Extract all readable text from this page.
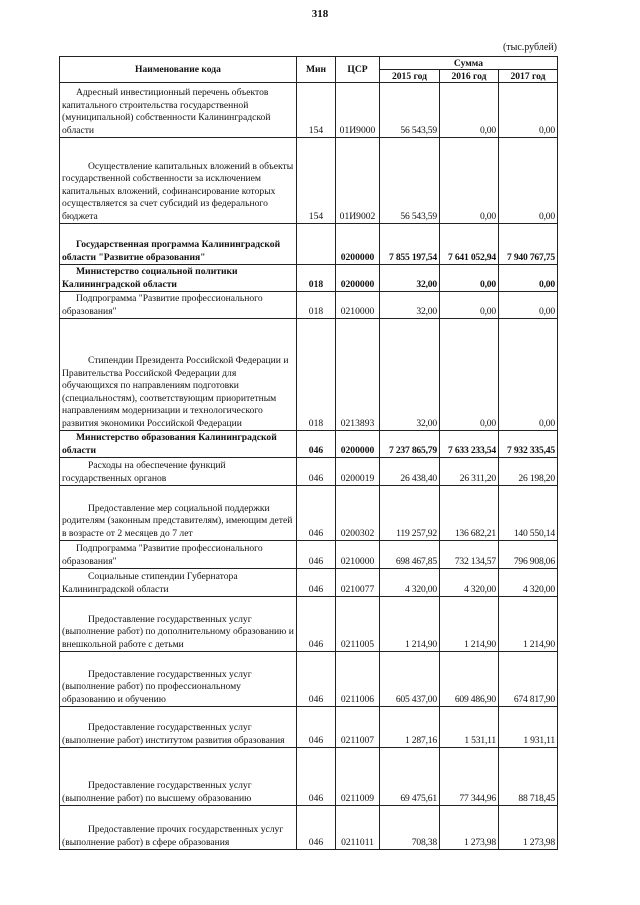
318
(тыс.рублей)
Наименование кода	Мин	ЦСР	Сумма		
			2015 год	2016 год	2017 год
Адресный инвестиционный перечень объектов капитального строительства государственной (муниципальной) собственности Калининградской области	154	01И9000	56 543,59	0,00	0,00
Осуществление капитальных вложений в объекты государственной собственности за исключением капитальных вложений, софинансирование которых осуществляется за счет субсидий из федерального бюджета	154	01И9002	56 543,59	0,00	0,00
Государственная программа Калининградской области "Развитие образования"		0200000	7 855 197,54	7 641 052,94	7 940 767,75
Министерство социальной политики Калининградской области	018	0200000	32,00	0,00	0,00
Подпрограмма "Развитие профессионального образования"	018	0210000	32,00	0,00	0,00
Стипендии Президента Российской Федерации и Правительства Российской Федерации для обучающихся по направлениям подготовки (специальностям), соответствующим приоритетным направлениям модернизации и технологического развития экономики Российской Федерации	018	0213893	32,00	0,00	0,00
Министерство образования Калининградской области	046	0200000	7 237 865,79	7 633 233,54	7 932 335,45
Расходы на обеспечение функций государственных органов	046	0200019	26 438,40	26 311,20	26 198,20
Предоставление мер социальной поддержки родителям (законным представителям), имеющим детей в возрасте от 2 месяцев до 7 лет	046	0200302	119 257,92	136 682,21	140 550,14
Подпрограмма "Развитие профессионального образования"	046	0210000	698 467,85	732 134,57	796 908,06
Социальные стипендии Губернатора Калининградской области	046	0210077	4 320,00	4 320,00	4 320,00
Предоставление государственных услуг (выполнение работ) по дополнительному образованию и внешкольной работе с детьми	046	0211005	1 214,90	1 214,90	1 214,90
Предоставление государственных услуг (выполнение работ) по профессиональному образованию и обучению	046	0211006	605 437,00	609 486,90	674 817,90
Предоставление государственных услуг (выполнение работ) институтом развития образования	046	0211007	1 287,16	1 531,11	1 931,11
Предоставление государственных услуг (выполнение работ) по высшему образованию	046	0211009	69 475,61	77 344,96	88 718,45
Предоставление прочих государственных услуг (выполнение работ) в сфере образования	046	0211011	708,38	1 273,98	1 273,98
